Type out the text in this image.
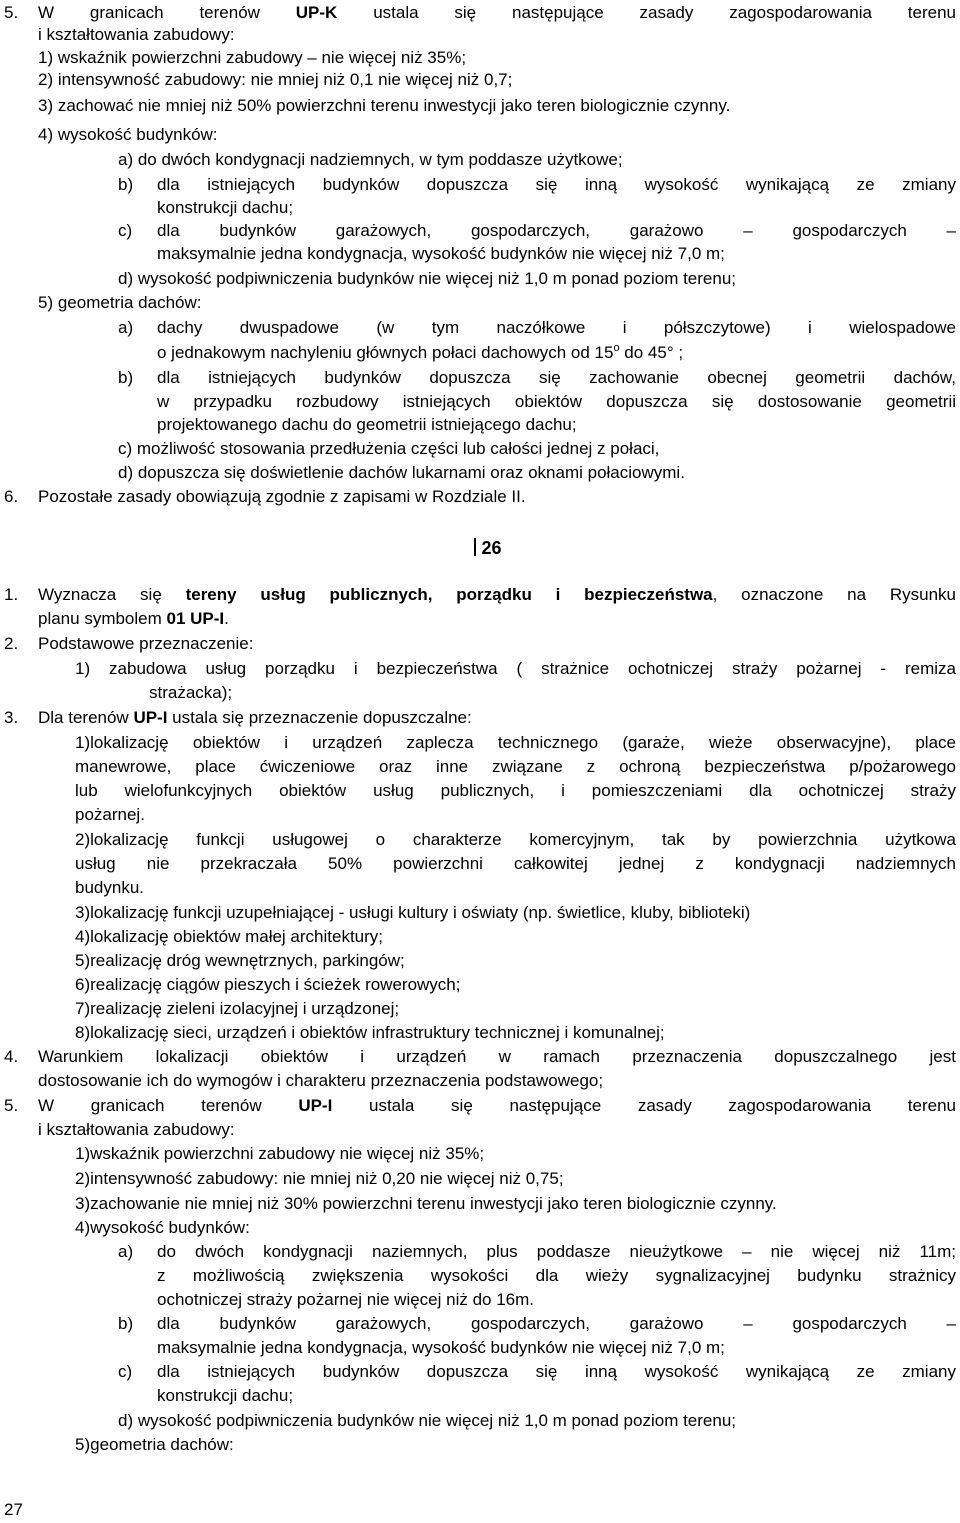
5. W granicach terenów UP-K ustala się następujące zasady zagospodarowania terenu
i kształtowania zabudowy:
1) wskaźnik powierzchni zabudowy – nie więcej niż 35%;
2) intensywność zabudowy: nie mniej niż 0,1 nie więcej niż 0,7;
3) zachować nie mniej niż 50% powierzchni terenu inwestycji jako teren biologicznie czynny.
4) wysokość budynków:
a) do dwóch kondygnacji nadziemnych, w tym poddasze użytkowe;
b) dla istniejących budynków dopuszcza się inną wysokość wynikającą ze zmiany
konstrukcji dachu;
c) dla budynków garażowych, gospodarczych, garażowo – gospodarczych –
maksymalnie jedna kondygnacja, wysokość budynków nie więcej niż 7,0 m;
d) wysokość podpiwniczenia budynków nie więcej niż 1,0 m ponad poziom terenu;
5) geometria dachów:
a) dachy dwuspadowe (w tym naczółkowe i półszczytowe) i wielospadowe
o jednakowym nachyleniu głównych połaci dachowych od 15$^o$ do 45° ;
b) dla istniejących budynków dopuszcza się zachowanie obecnej geometrii dachów,
w przypadku rozbudowy istniejących obiektów dopuszcza się dostosowanie geometrii
projektowanego dachu do geometrii istniejącego dachu;
c) możliwość stosowania przedłużenia części lub całości jednej z połaci,
d) dopuszcza się doświetlenie dachów lukarnami oraz oknami połaciowymi.
6. Pozostałe zasady obowiązują zgodnie z zapisami w Rozdziale II.
26
1. Wyznacza się tereny usług publicznych, porządku i bezpieczeństwa, oznaczone na Rysunku
planu symbolem 01 UP-I.
2. Podstawowe przeznaczenie:
1) zabudowa usług porządku i bezpieczeństwa ( strażnice ochotniczej straży pożarnej - remiza
strażacka);
3. Dla terenów UP-I ustala się przeznaczenie dopuszczalne:
1)lokalizację obiektów i urządzeń zaplecza technicznego (garaże, wieże obserwacyjne), place
manewrowe, place ćwiczeniowe oraz inne związane z ochroną bezpieczeństwa p/pożarowego
lub wielofunkcyjnych obiektów usług publicznych, i pomieszczeniami dla ochotniczej straży
pożarnej.
2)lokalizację funkcji usługowej o charakterze komercyjnym, tak by powierzchnia użytkowa
usług nie przekraczała 50% powierzchni całkowitej jednej z kondygnacji nadziemnych
budynku.
3)lokalizację funkcji uzupełniającej - usługi kultury i oświaty (np. świetlice, kluby, biblioteki)
4)lokalizację obiektów małej architektury;
5)realizację dróg wewnętrznych, parkingów;
6)realizację ciągów pieszych i ścieżek rowerowych;
7)realizację zieleni izolacyjnej i urządzonej;
8)lokalizację sieci, urządzeń i obiektów infrastruktury technicznej i komunalnej;
4. Warunkiem lokalizacji obiektów i urządzeń w ramach przeznaczenia dopuszczalnego jest
dostosowanie ich do wymogów i charakteru przeznaczenia podstawowego;
5. W granicach terenów UP-I ustala się następujące zasady zagospodarowania terenu
i kształtowania zabudowy:
1)wskaźnik powierzchni zabudowy nie więcej niż 35%;
2)intensywność zabudowy: nie mniej niż 0,20 nie więcej niż 0,75;
3)zachowanie nie mniej niż 30% powierzchni terenu inwestycji jako teren biologicznie czynny.
4)wysokość budynków:
a) do dwóch kondygnacji naziemnych, plus poddasze nieużytkowe – nie więcej niż 11m;
z możliwością zwiększenia wysokości dla wieży sygnalizacyjnej budynku strażnicy
ochotniczej straży pożarnej nie więcej niż do 16m.
b) dla budynków garażowych, gospodarczych, garażowo – gospodarczych –
maksymalnie jedna kondygnacja, wysokość budynków nie więcej niż 7,0 m;
c) dla istniejących budynków dopuszcza się inną wysokość wynikającą ze zmiany
konstrukcji dachu;
d) wysokość podpiwniczenia budynków nie więcej niż 1,0 m ponad poziom terenu;
5)geometria dachów:
27
